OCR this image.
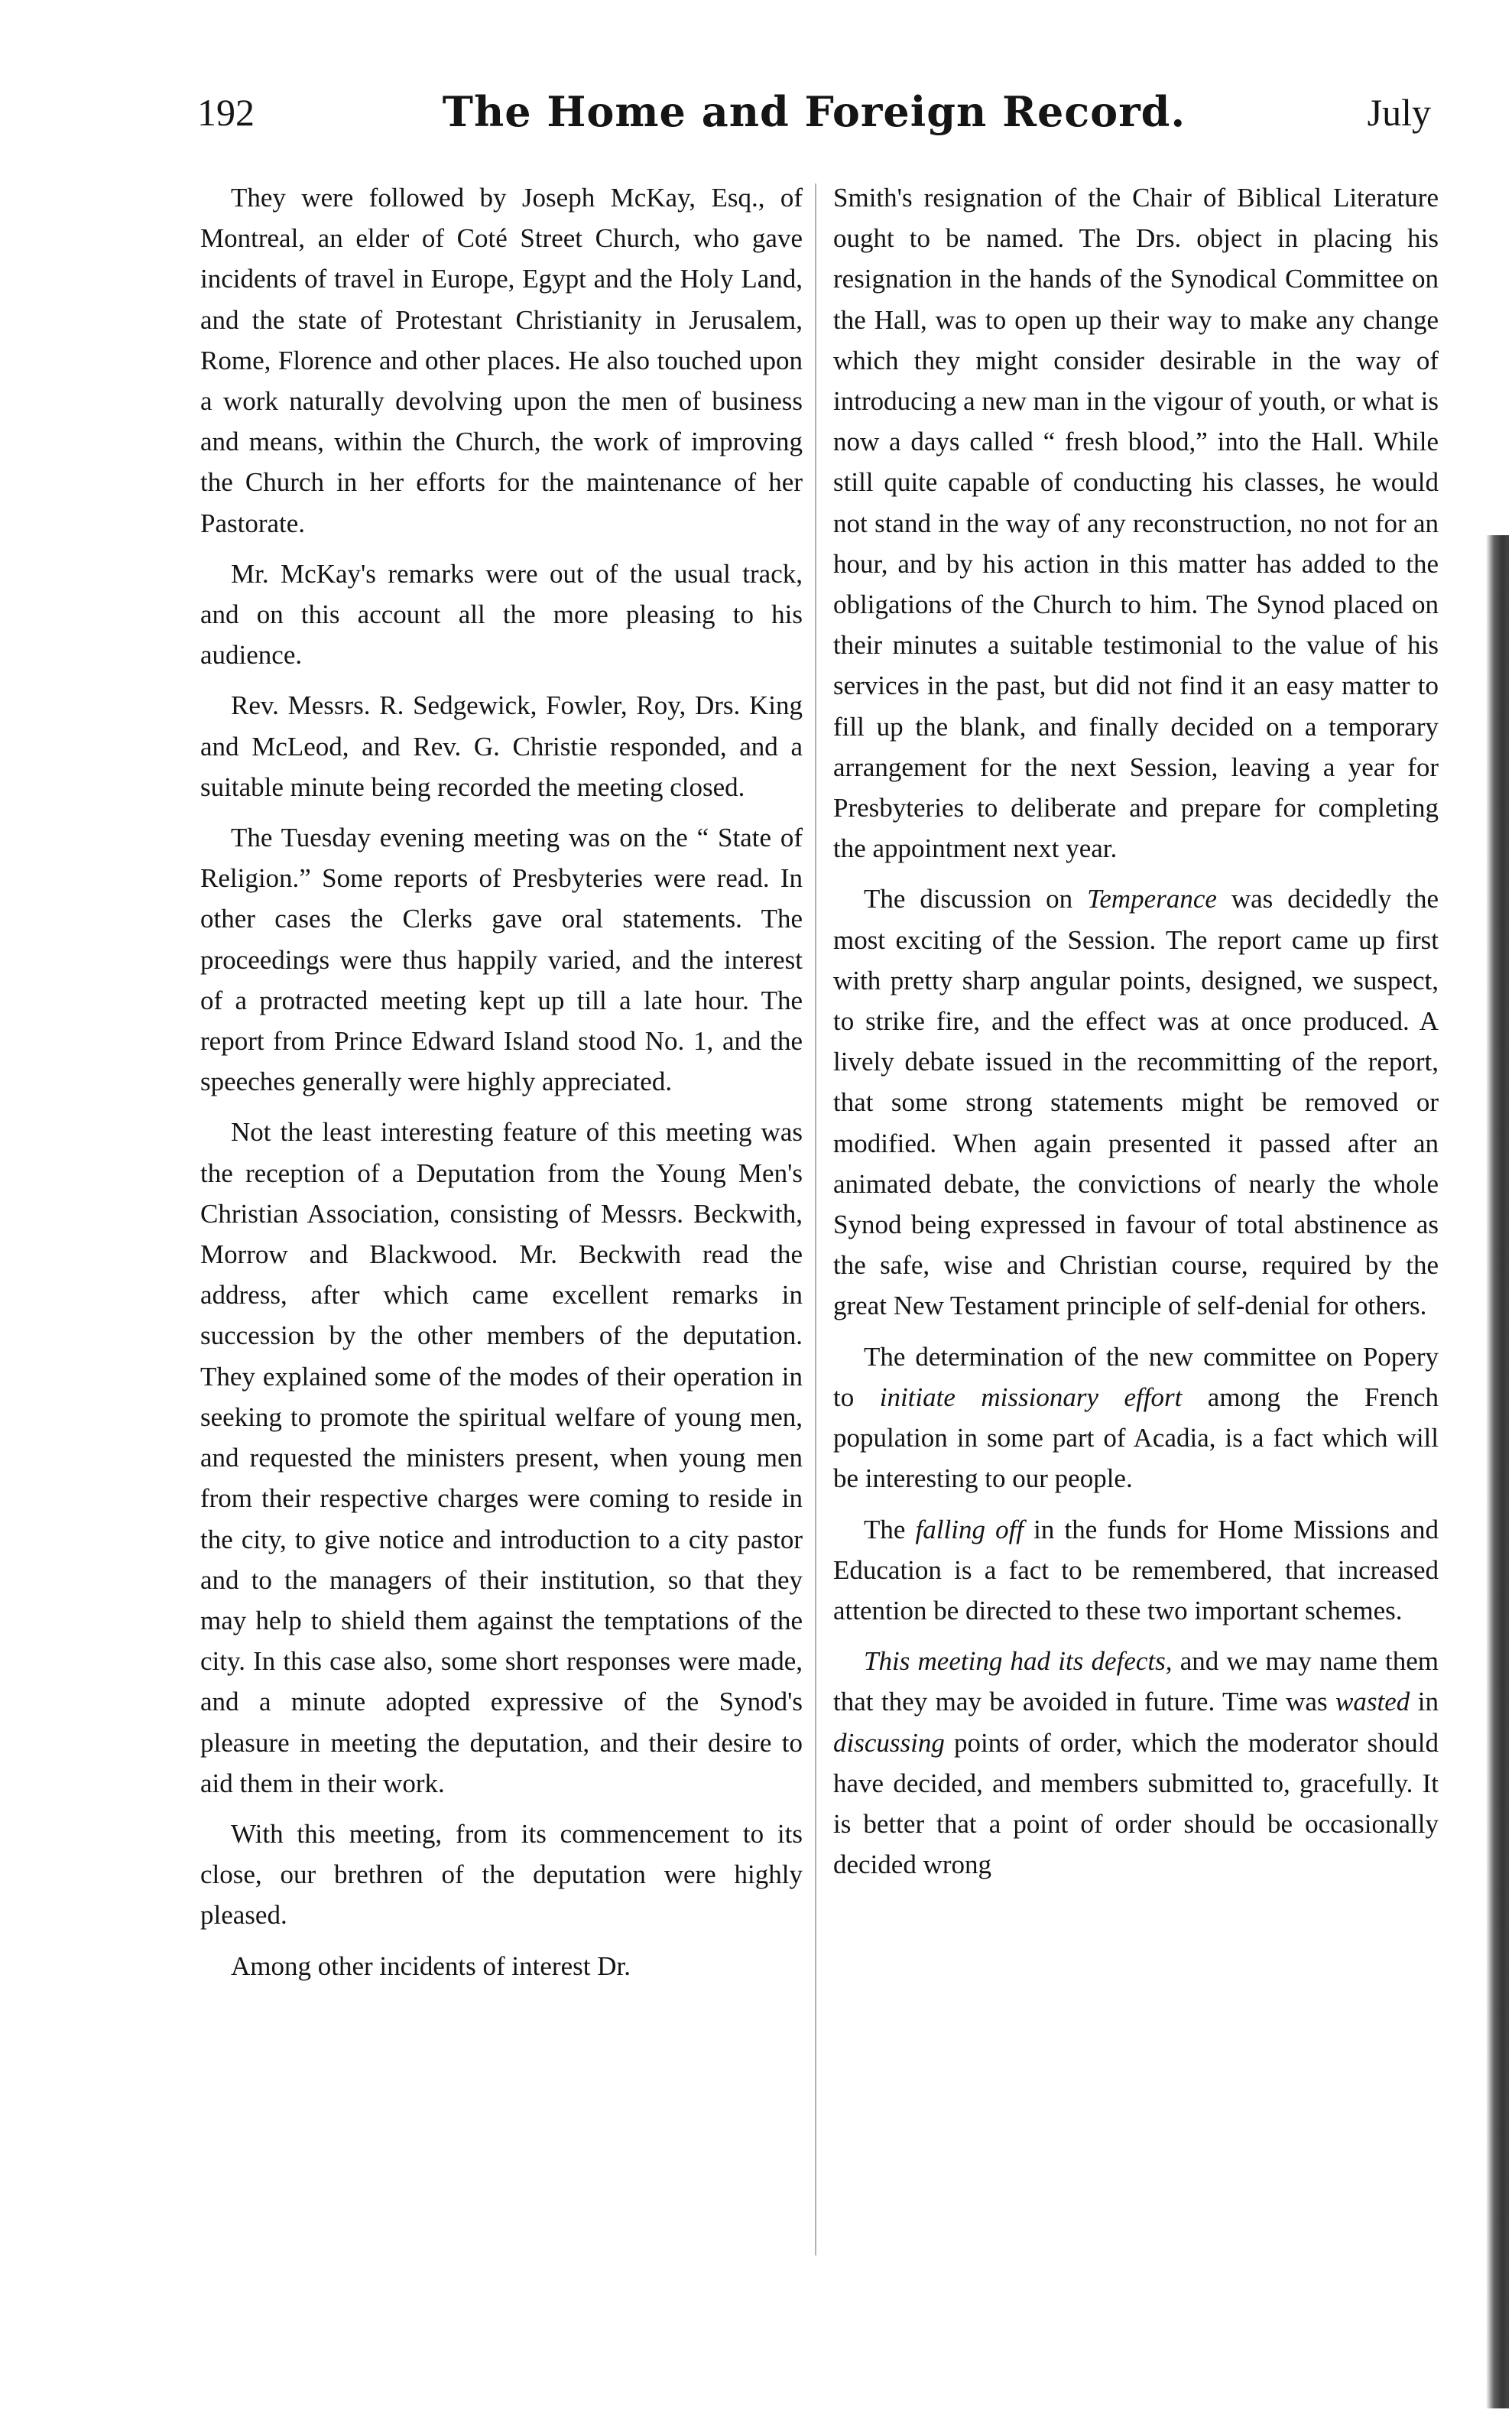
192	The Home and Foreign Record.	July

They were followed by Joseph McKay, Esq., of Montreal, an elder of Coté Street Church, who gave incidents of travel in Europe, Egypt and the Holy Land, and the state of Protestant Christianity in Jerusalem, Rome, Florence and other places. He also touched upon a work naturally devolving upon the men of business and means, within the Church, the work of improving the Church in her efforts for the maintenance of her Pastorate.

Mr. McKay's remarks were out of the usual track, and on this account all the more pleasing to his audience.

Rev. Messrs. R. Sedgewick, Fowler, Roy, Drs. King and McLeod, and Rev. G. Christie responded, and a suitable minute being recorded the meeting closed.

The Tuesday evening meeting was on the “ State of Religion.” Some reports of Presbyteries were read. In other cases the Clerks gave oral statements. The proceedings were thus happily varied, and the interest of a protracted meeting kept up till a late hour. The report from Prince Edward Island stood No. 1, and the speeches generally were highly appreciated.

Not the least interesting feature of this meeting was the reception of a Deputation from the Young Men's Christian Association, consisting of Messrs. Beckwith, Morrow and Blackwood. Mr. Beckwith read the address, after which came excellent remarks in succession by the other members of the deputation. They explained some of the modes of their operation in seeking to promote the spiritual welfare of young men, and requested the ministers present, when young men from their respective charges were coming to reside in the city, to give notice and introduction to a city pastor and to the managers of their institution, so that they may help to shield them against the temptations of the city. In this case also, some short responses were made, and a minute adopted expressive of the Synod's pleasure in meeting the deputation, and their desire to aid them in their work.

With this meeting, from its commencement to its close, our brethren of the deputation were highly pleased.

Among other incidents of interest Dr.

Smith's resignation of the Chair of Biblical Literature ought to be named. The Drs. object in placing his resignation in the hands of the Synodical Committee on the Hall, was to open up their way to make any change which they might consider desirable in the way of introducing a new man in the vigour of youth, or what is now a days called “ fresh blood,” into the Hall. While still quite capable of conducting his classes, he would not stand in the way of any reconstruction, no not for an hour, and by his action in this matter has added to the obligations of the Church to him. The Synod placed on their minutes a suitable testimonial to the value of his services in the past, but did not find it an easy matter to fill up the blank, and finally decided on a temporary arrangement for the next Session, leaving a year for Presbyteries to deliberate and prepare for completing the appointment next year.

The discussion on Temperance was decidedly the most exciting of the Session. The report came up first with pretty sharp angular points, designed, we suspect, to strike fire, and the effect was at once produced. A lively debate issued in the recommitting of the report, that some strong statements might be removed or modified. When again presented it passed after an animated debate, the convictions of nearly the whole Synod being expressed in favour of total abstinence as the safe, wise and Christian course, required by the great New Testament principle of self-denial for others.

The determination of the new committee on Popery to initiate missionary effort among the French population in some part of Acadia, is a fact which will be interesting to our people.

The falling off in the funds for Home Missions and Education is a fact to be remembered, that increased attention be directed to these two important schemes.

This meeting had its defects, and we may name them that they may be avoided in future. Time was wasted in discussing points of order, which the moderator should have decided, and members submitted to, gracefully. It is better that a point of order should be occasionally decided wrong
